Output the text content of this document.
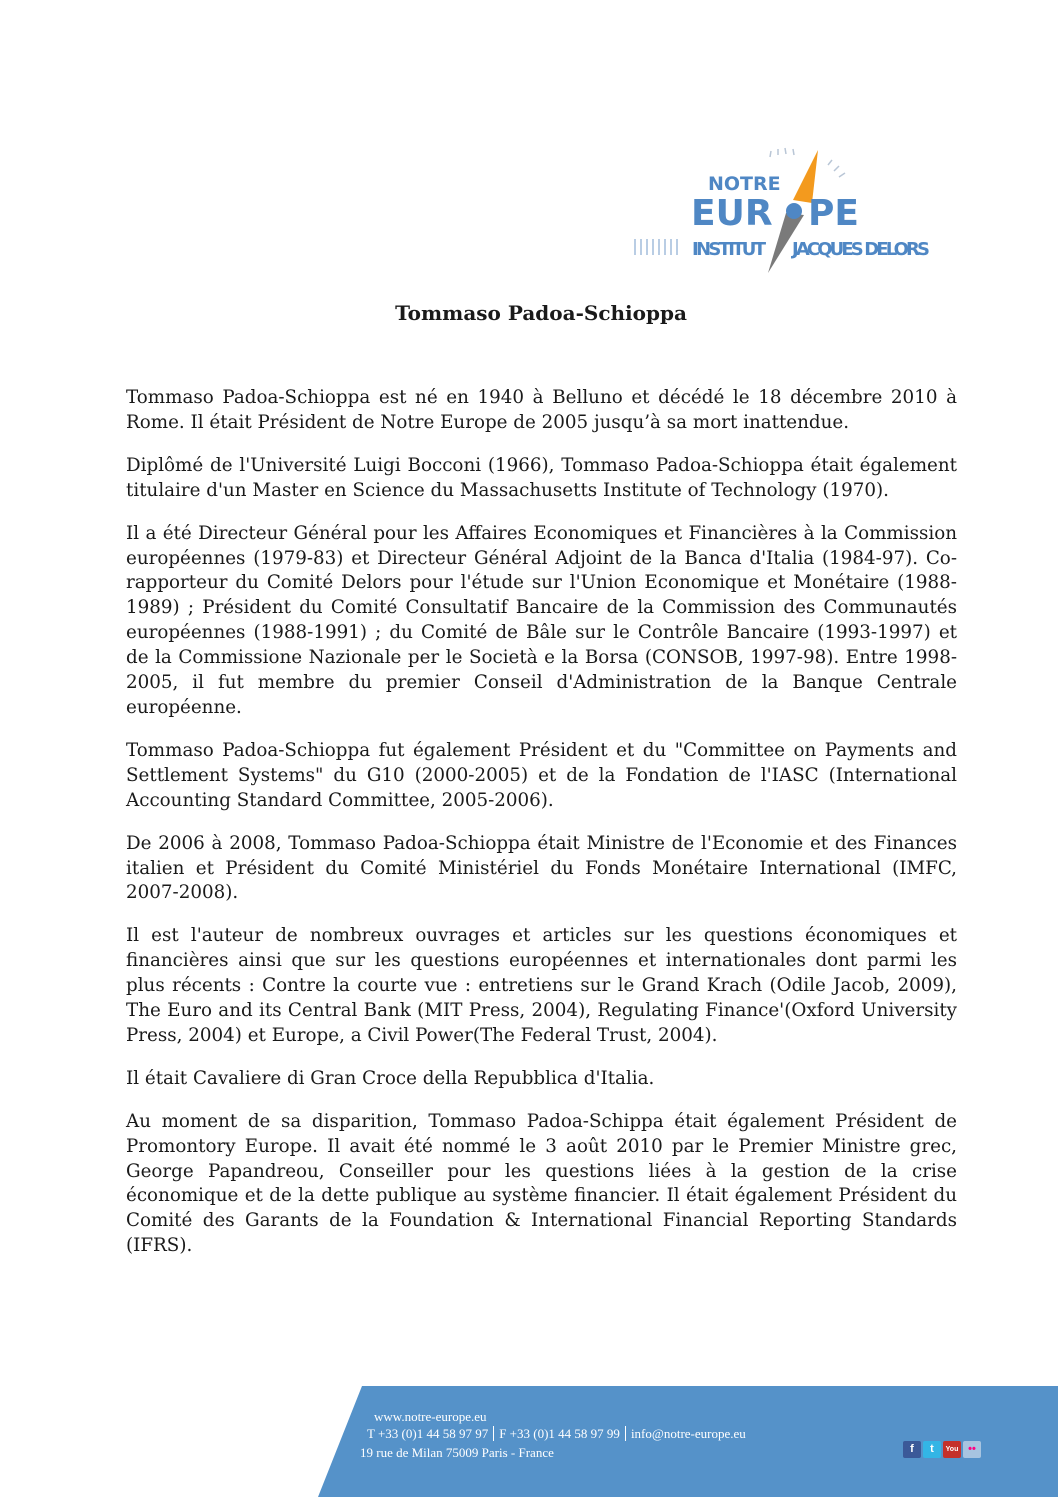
NOTRE
EUR PE
INSTITUT JACQUES DELORS
Tommaso Padoa-Schioppa

Tommaso Padoa-Schioppa est né en 1940 à Belluno et décédé le 18 décembre 2010 à Rome. Il était Président de Notre Europe de 2005 jusqu’à sa mort inattendue.

Diplômé de l'Université Luigi Bocconi (1966), Tommaso Padoa-Schioppa était également titulaire d'un Master en Science du Massachusetts Institute of Technology (1970).

Il a été Directeur Général pour les Affaires Economiques et Financières à la Commission européennes (1979-83) et Directeur Général Adjoint de la Banca d'Italia (1984-97). Co-rapporteur du Comité Delors pour l'étude sur l'Union Economique et Monétaire (1988-1989) ; Président du Comité Consultatif Bancaire de la Commission des Communautés européennes (1988-1991) ; du Comité de Bâle sur le Contrôle Bancaire (1993-1997) et de la Commissione Nazionale per le Società e la Borsa (CONSOB, 1997-98). Entre 1998-2005, il fut membre du premier Conseil d'Administration de la Banque Centrale européenne.

Tommaso Padoa-Schioppa fut également Président et du "Committee on Payments and Settlement Systems" du G10 (2000-2005) et de la Fondation de l'IASC (International Accounting Standard Committee, 2005-2006).

De 2006 à 2008, Tommaso Padoa-Schioppa était Ministre de l'Economie et des Finances italien et Président du Comité Ministériel du Fonds Monétaire International (IMFC, 2007-2008).

Il est l'auteur de nombreux ouvrages et articles sur les questions économiques et financières ainsi que sur les questions européennes et internationales dont parmi les plus récents : Contre la courte vue : entretiens sur le Grand Krach (Odile Jacob, 2009), The Euro and its Central Bank (MIT Press, 2004), Regulating Finance'(Oxford University Press, 2004) et Europe, a Civil Power(The Federal Trust, 2004).

Il était Cavaliere di Gran Croce della Repubblica d'Italia.

Au moment de sa disparition, Tommaso Padoa-Schippa était également Président de Promontory Europe. Il avait été nommé le 3 août 2010 par le Premier Ministre grec, George Papandreou, Conseiller pour les questions liées à la gestion de la crise économique et de la dette publique au système financier. Il était également Président du Comité des Garants de la Foundation & International Financial Reporting Standards (IFRS).

www.notre-europe.eu
T +33 (0)1 44 58 97 97 F +33 (0)1 44 58 97 99 info@notre-europe.eu
19 rue de Milan 75009 Paris - France	f	t	You ••
